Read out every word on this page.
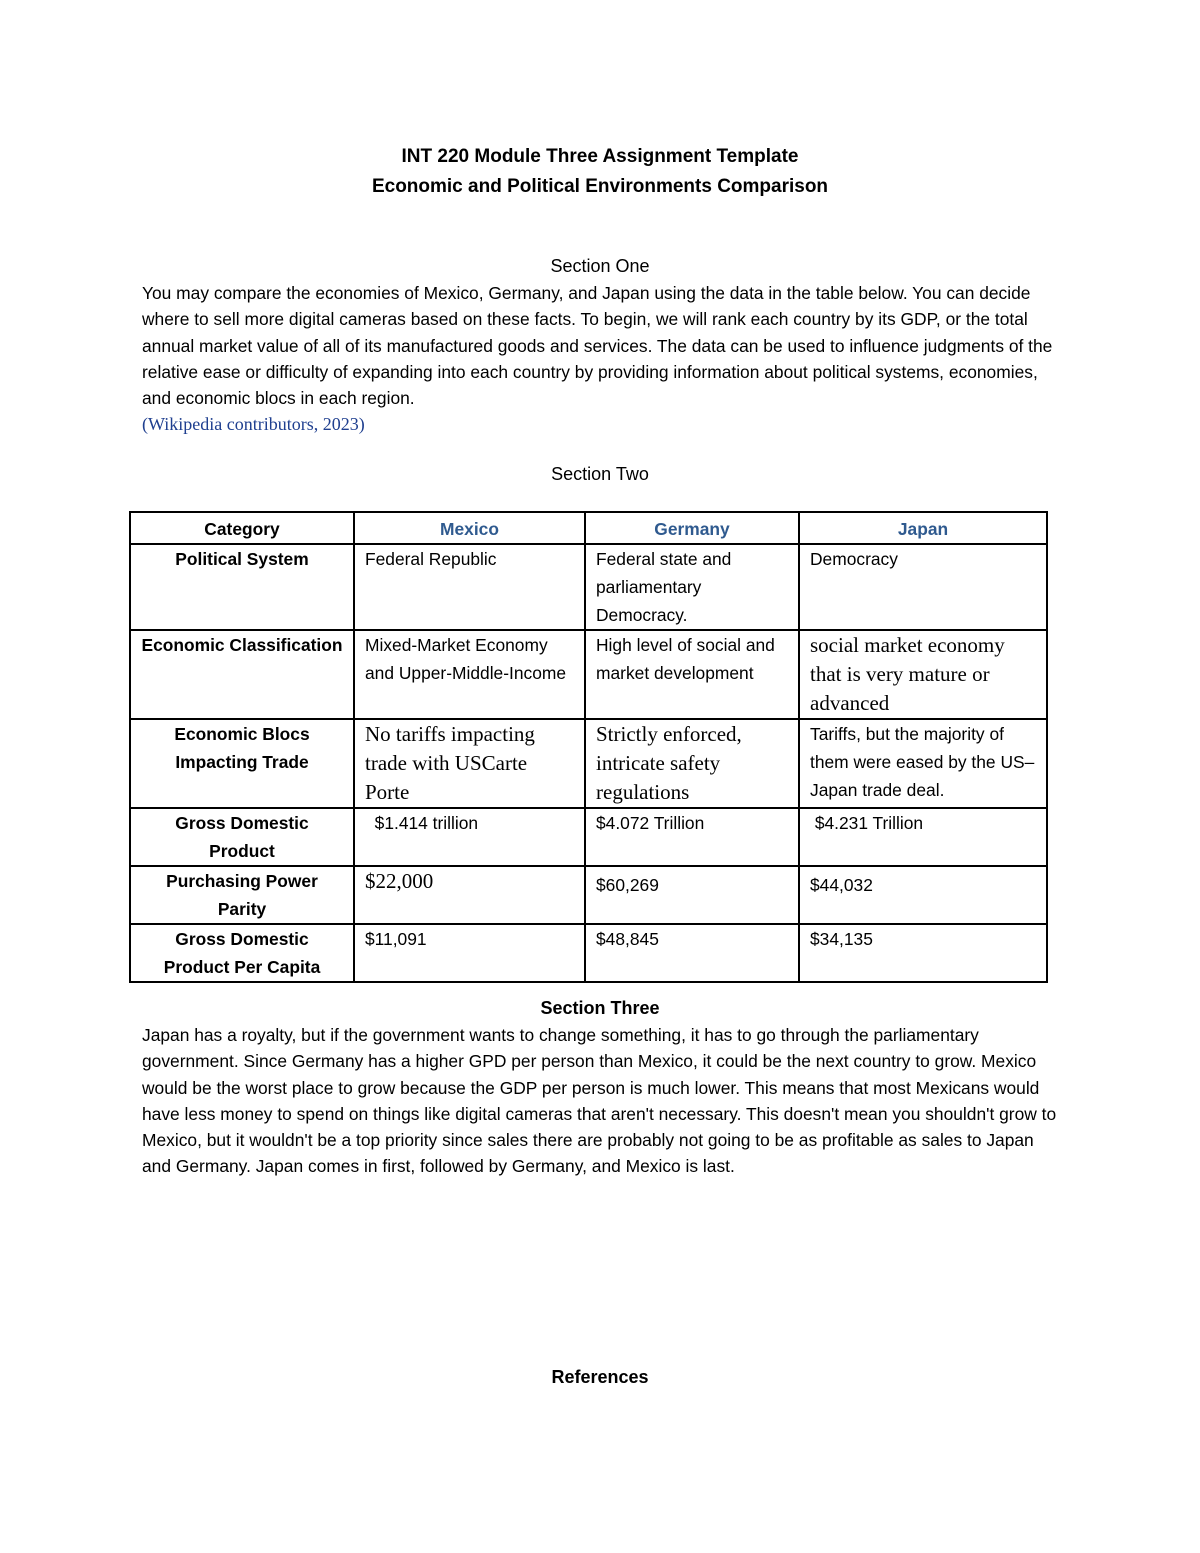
INT 220 Module Three Assignment Template
Economic and Political Environments Comparison
Section One
You may compare the economies of Mexico, Germany, and Japan using the data in the table below. You can decide where to sell more digital cameras based on these facts. To begin, we will rank each country by its GDP, or the total annual market value of all of its manufactured goods and services. The data can be used to influence judgments of the relative ease or difficulty of expanding into each country by providing information about political systems, economies, and economic blocs in each region.
(Wikipedia contributors, 2023)
Section Two
Category	Mexico	Germany	Japan
Political System	Federal Republic	Federal state and parliamentary Democracy.	Democracy
Economic Classification	Mixed-Market Economy and Upper-Middle-Income	High level of social and market development	social market economy that is very mature or advanced
Economic Blocs Impacting Trade	No tariffs impacting trade with USCarte Porte	Strictly enforced, intricate safety regulations	Tariffs, but the majority of them were eased by the US–Japan trade deal.
Gross Domestic Product	$1.414 trillion	$4.072 Trillion	$4.231 Trillion
Purchasing Power Parity	$22,000	$60,269	$44,032
Gross Domestic Product Per Capita	$11,091	$48,845	$34,135
Section Three
Japan has a royalty, but if the government wants to change something, it has to go through the parliamentary government. Since Germany has a higher GPD per person than Mexico, it could be the next country to grow. Mexico would be the worst place to grow because the GDP per person is much lower. This means that most Mexicans would have less money to spend on things like digital cameras that aren't necessary. This doesn't mean you shouldn't grow to Mexico, but it wouldn't be a top priority since sales there are probably not going to be as profitable as sales to Japan and Germany. Japan comes in first, followed by Germany, and Mexico is last.
References
